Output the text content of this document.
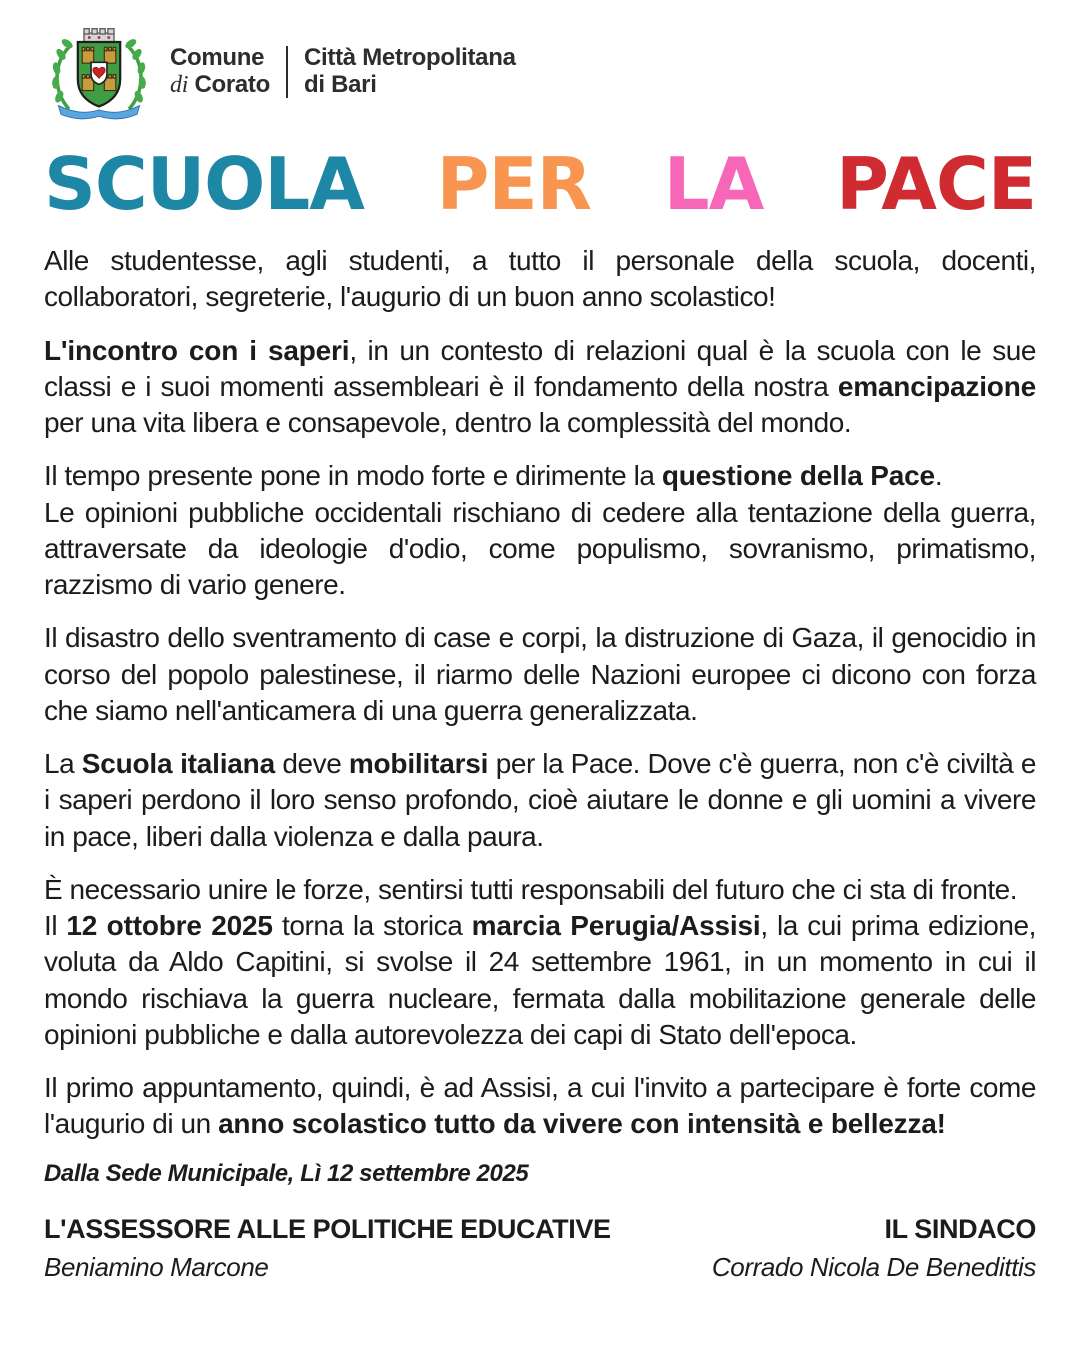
Comune
di Corato
Città Metropolitana
di Bari
SCUOLA PER LA PACE

Alle studentesse, agli studenti, a tutto il personale della scuola, docenti, collaboratori, segreterie, l'augurio di un buon anno scolastico!

L'incontro con i saperi, in un contesto di relazioni qual è la scuola con le sue classi e i suoi momenti assembleari è il fondamento della nostra emancipazione per una vita libera e consapevole, dentro la complessità del mondo.

Il tempo presente pone in modo forte e dirimente la questione della Pace.
Le opinioni pubbliche occidentali rischiano di cedere alla tentazione della guerra, attraversate da ideologie d'odio, come populismo, sovranismo, primatismo, razzismo di vario genere.

Il disastro dello sventramento di case e corpi, la distruzione di Gaza, il genocidio in corso del popolo palestinese, il riarmo delle Nazioni europee ci dicono con forza che siamo nell'anticamera di una guerra generalizzata.

La Scuola italiana deve mobilitarsi per la Pace. Dove c'è guerra, non c'è civiltà e i saperi perdono il loro senso profondo, cioè aiutare le donne e gli uomini a vivere in pace, liberi dalla violenza e dalla paura.

È necessario unire le forze, sentirsi tutti responsabili del futuro che ci sta di fronte.

Il 12 ottobre 2025 torna la storica marcia Perugia/Assisi, la cui prima edizione, voluta da Aldo Capitini, si svolse il 24 settembre 1961, in un momento in cui il mondo rischiava la guerra nucleare, fermata dalla mobilitazione generale delle opinioni pubbliche e dalla autorevolezza dei capi di Stato dell'epoca.

Il primo appuntamento, quindi, è ad Assisi, a cui l'invito a partecipare è forte come l'augurio di un anno scolastico tutto da vivere con intensità e bellezza!

Dalla Sede Municipale, Lì 12 settembre 2025
L'ASSESSORE ALLE POLITICHE EDUCATIVE
Beniamino Marcone
IL SINDACO
Corrado Nicola De Benedittis
